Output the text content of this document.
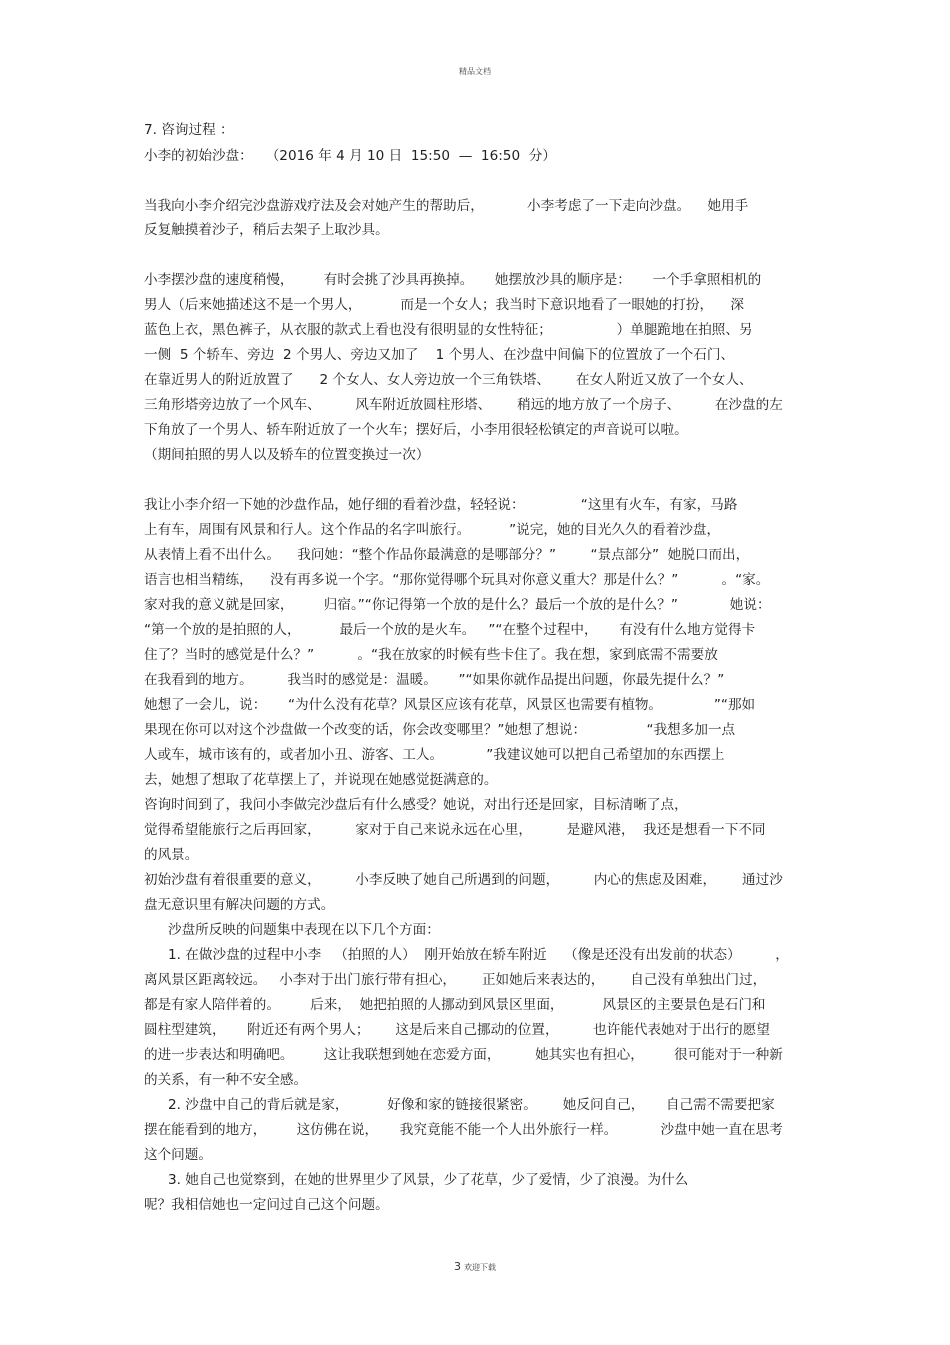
精品文档
7. 咨询过程 ：
小李的初始沙盘：   （2016 年 4 月 10 日  15:50  —  16:50  分）
当我向小李介绍完沙盘游戏疗法及会对她产生的帮助后，          小李考虑了一下走向沙盘。    她用手
反复触摸着沙子，稍后去架子上取沙具。
小李摆沙盘的速度稍慢，       有时会挑了沙具再换掉。     她摆放沙具的顺序是：     一个手拿照相机的
男人（后来她描述这不是一个男人，         而是一个女人；我当时下意识地看了一眼她的打扮，    深
蓝色上衣，黑色裤子，从衣服的款式上看也没有很明显的女性特征；               ）单腿跪地在拍照、另
一侧  5 个轿车、旁边  2 个男人、旁边又加了    1 个男人、在沙盘中间偏下的位置放了一个石门、
在靠近男人的附近放置了      2 个女人、女人旁边放一个三角铁塔、      在女人附近又放了一个女人、
三角形塔旁边放了一个风车、        风车附近放圆柱形塔、      稍远的地方放了一个房子、        在沙盘的左
下角放了一个男人、轿车附近放了一个火车；摆好后，小李用很轻松镇定的声音说可以啦。
（期间拍照的男人以及轿车的位置变换过一次）
我让小李介绍一下她的沙盘作品，她仔细的看着沙盘，轻轻说：             “这里有火车，有家，马路
上有车，周围有风景和行人。这个作品的名字叫旅行。         ”说完，她的目光久久的看着沙盘，
从表情上看不出什么。    我问她：“整个作品你最满意的是哪部分？”        “景点部分”  她脱口而出，
语言也相当精练，    没有再多说一个字。“那你觉得哪个玩具对你意义重大？那是什么？”          。“家。
家对我的意义就是回家，       归宿。”“你记得第一个放的是什么？最后一个放的是什么？”            她说：
“第一个放的是拍照的人，         最后一个放的是火车。   ”“在整个过程中，     有没有什么地方觉得卡
住了？当时的感觉是什么？”          。“我在放家的时候有些卡住了。我在想，家到底需不需要放
在我看到的地方。        我当时的感觉是：温暖。     ”“如果你就作品提出问题，你最先提什么？”
她想了一会儿，说：     “为什么没有花草？风景区应该有花草，风景区也需要有植物。            ”“那如
果现在你可以对这个沙盘做一个改变的话，你会改变哪里？”她想了想说：              “我想多加一点
人或车，城市该有的，或者加小丑、游客、工人。          ”我建议她可以把自己希望加的东西摆上
去，她想了想取了花草摆上了，并说现在她感觉挺满意的。
咨询时间到了，我问小李做完沙盘后有什么感受？她说，对出行还是回家，目标清晰了点，
觉得希望能旅行之后再回家，        家对于自己来说永远在心里，        是避风港，  我还是想看一下不同
的风景。
初始沙盘有着很重要的意义，        小李反映了她自己所遇到的问题，        内心的焦虑及困难，      通过沙
盘无意识里有解决问题的方式。
沙盘所反映的问题集中表现在以下几个方面：
1. 在做沙盘的过程中小李   （拍照的人）  刚开始放在轿车附近    （像是还没有出发前的状态）        ，
离风景区距离较远。   小李对于出门旅行带有担心，      正如她后来表达的，      自己没有单独出门过，
都是有家人陪伴着的。       后来，  她把拍照的人挪动到风景区里面，         风景区的主要景色是石门和
圆柱型建筑，     附近还有两个男人；      这是后来自己挪动的位置，        也许能代表她对于出行的愿望
的进一步表达和明确吧。       这让我联想到她在恋爱方面，        她其实也有担心，       很可能对于一种新
的关系，有一种不安全感。
2. 沙盘中自己的背后就是家，         好像和家的链接很紧密。      她反问自己，     自己需不需要把家
摆在能看到的地方，       这仿佛在说，     我究竟能不能一个人出外旅行一样。          沙盘中她一直在思考
这个问题。
3. 她自己也觉察到，在她的世界里少了风景，少了花草，少了爱情，少了浪漫。为什么
呢？我相信她也一定问过自己这个问题。
3 欢迎下载
